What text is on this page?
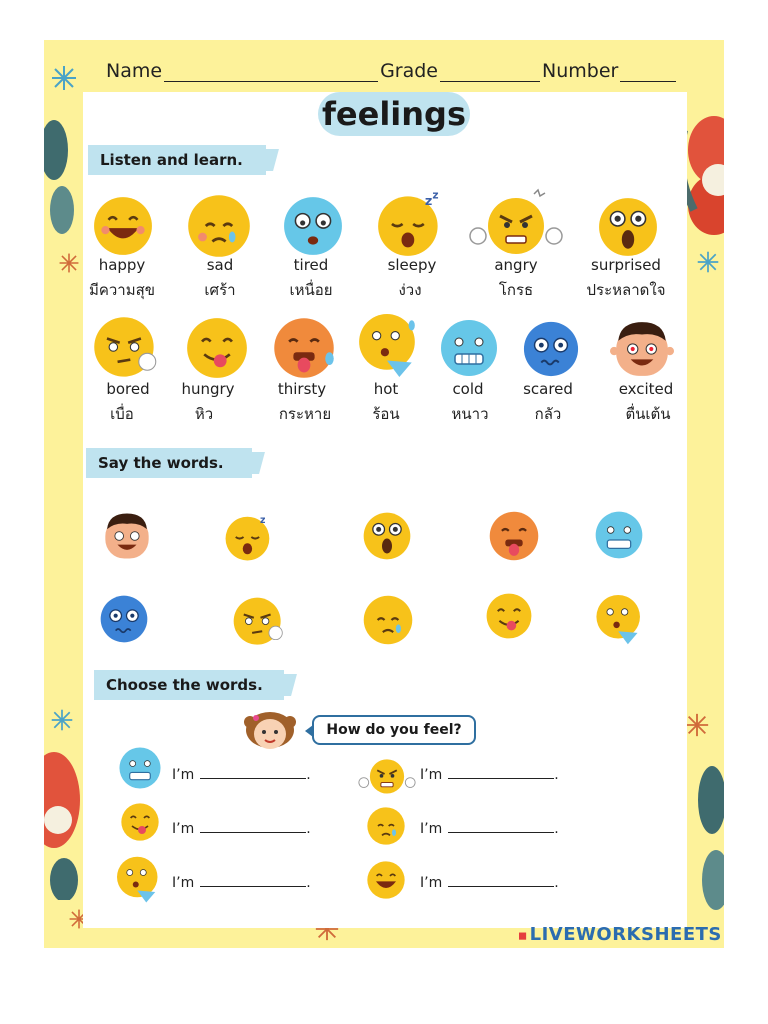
Name	Grade	Number
feelings
Listen and learn.
Say the words.
Choose the words.
z z
happy
มีความสุข
sad
เศร้า
tired
เหนื่อย
sleepy
ง่วง
angry
โกรธ
surprised
ประหลาดใจ
bored
เบื่อ
hungry
หิว
thirsty
กระหาย
hot
ร้อน
cold
หนาว
scared
กลัว
excited
ตื่นเต้น
z
How do you feel?
I’m	.	I’m	.
I’m	.	I’m	.
I’m	.	I’m	.
◼ LIVEWORKSHEETS
